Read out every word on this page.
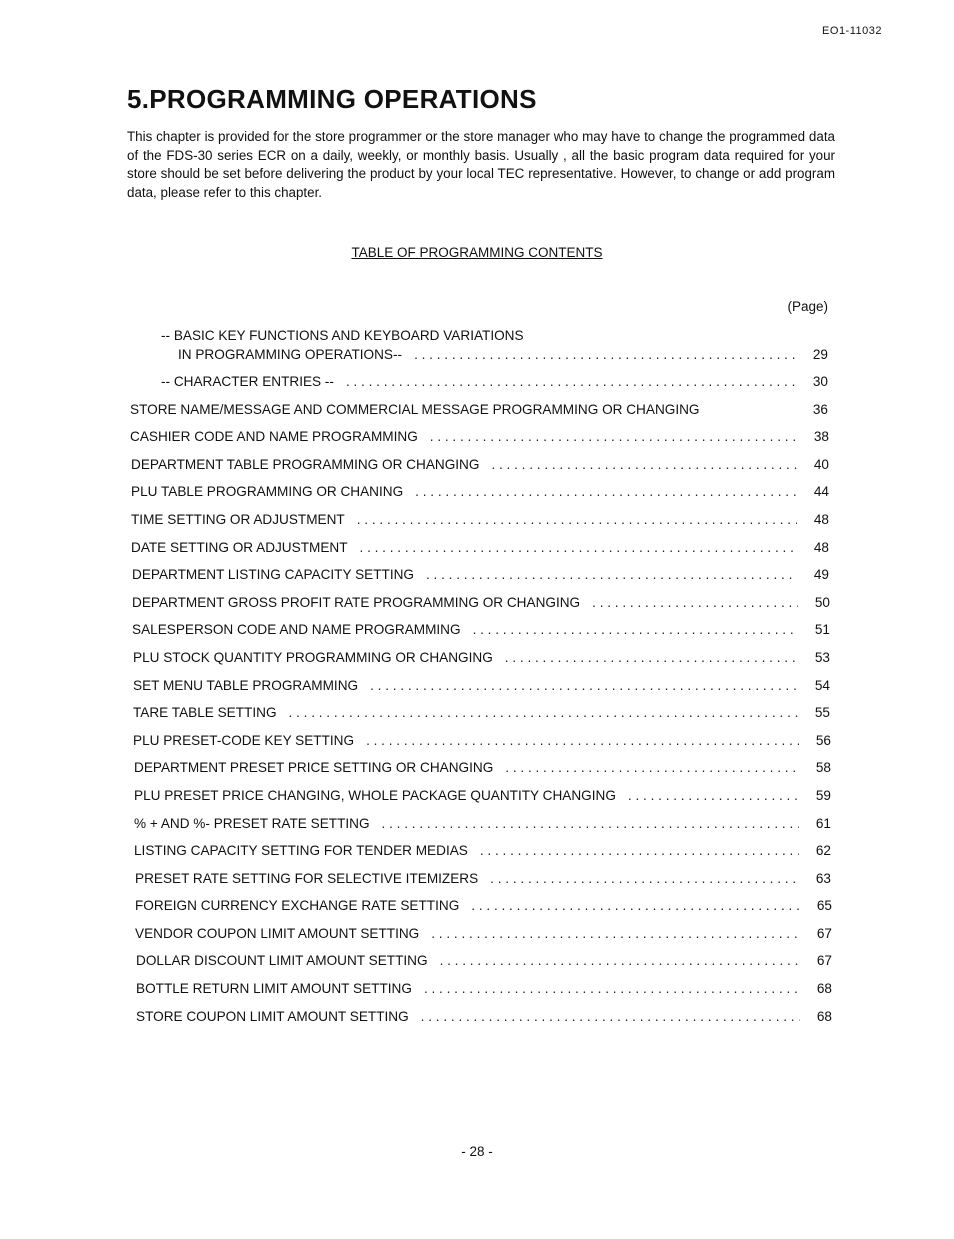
EO1-11032
5.PROGRAMMING OPERATIONS

This chapter is provided for the store programmer or the store manager who may have to change the programmed data of the FDS-30 series ECR on a daily, weekly, or monthly basis. Usually , all the basic program data required for your store should be set before delivering the product by your local TEC representative. However, to change or add program data, please refer to this chapter.

TABLE OF PROGRAMMING CONTENTS
(Page)
-- BASIC KEY FUNCTIONS AND KEYBOARD VARIATIONS
IN PROGRAMMING OPERATIONS-- . . .	29
-- CHARACTER ENTRIES -- . . .	30
STORE NAME/MESSAGE AND COMMERCIAL MESSAGE PROGRAMMING OR CHANGING	36
CASHIER CODE AND NAME PROGRAMMING . . .	38
DEPARTMENT TABLE PROGRAMMING OR CHANGING . . .	40
PLU TABLE PROGRAMMING OR CHANING . . .	44
TIME SETTING OR ADJUSTMENT . . .	48
DATE SETTING OR ADJUSTMENT . . .	48
DEPARTMENT LISTING CAPACITY SETTING . . .	49
DEPARTMENT GROSS PROFIT RATE PROGRAMMING OR CHANGING . . .	50
SALESPERSON CODE AND NAME PROGRAMMING . . .	51
PLU STOCK QUANTITY PROGRAMMING OR CHANGING . . .	53
SET MENU TABLE PROGRAMMING . . .	54
TARE TABLE SETTING . . .	55
PLU PRESET-CODE KEY SETTING . . .	56
DEPARTMENT PRESET PRICE SETTING OR CHANGING . . .	58
PLU PRESET PRICE CHANGING, WHOLE PACKAGE QUANTITY CHANGING . . .	59
% + AND %- PRESET RATE SETTING . . .	61
LISTING CAPACITY SETTING FOR TENDER MEDIAS . . .	62
PRESET RATE SETTING FOR SELECTIVE ITEMIZERS . . .	63
FOREIGN CURRENCY EXCHANGE RATE SETTING . . .	65
VENDOR COUPON LIMIT AMOUNT SETTING . . .	67
DOLLAR DISCOUNT LIMIT AMOUNT SETTING . . .	67
BOTTLE RETURN LIMIT AMOUNT SETTING . . .	68
STORE COUPON LIMIT AMOUNT SETTING . . .	68
- 28 -
